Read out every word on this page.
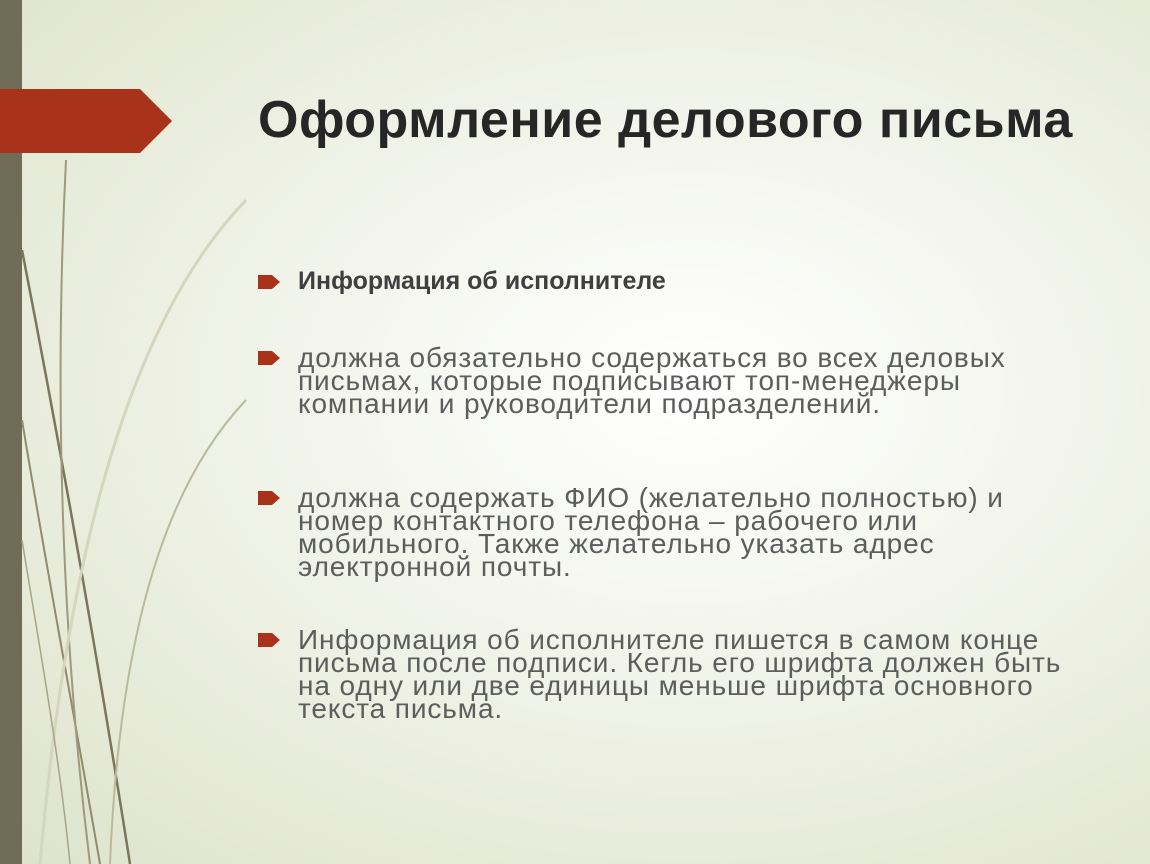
Оформление делового письма
Информация об исполнителе
должна обязательно содержаться во всех деловых письмах, которые подписывают топ-менеджеры компании и руководители подразделений.
должна содержать ФИО (желательно полностью) и номер контактного телефона – рабочего или мобильного. Также желательно указать адрес электронной почты.
Информация об исполнителе пишется в самом конце письма после подписи. Кегль его шрифта должен быть на одну или две единицы меньше шрифта основного текста письма.
